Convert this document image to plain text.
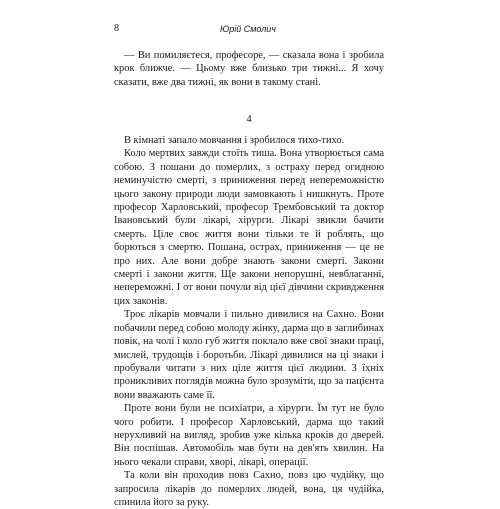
8	Юрій Смолич

— Ви помиляєтеся, професоре, — сказала вона і зробила крок ближче. — Цьому вже близько три тижні... Я хочу сказати, вже два тижні, як вони в такому стані.

4

В кімнаті запало мовчання і зробилося тихо-тихо.

Коло мертвих завжди стоїть тиша. Вона утворюється сама собою. З пошани до померлих, з остраху перед огидною неминучістю смерті, з приниження перед непереможністю цього закону природи люди замовкають і нишкнуть. Проте професор Харловський, професор Трембовський та доктор Івановський були лікарі, хірурги. Лікарі звикли бачити смерть. Ціле своє життя вони тільки те й роблять, що борються з смертю. Пошана, острах, приниження — це не про них. Але вони добре знають закони смерті. Закони смерті і закони життя. Ще закони непорушні, невблаганні, непереможні. І от вони почули від цієї дівчини скривдження цих законів.

Троє лікарів мовчали і пильно дивилися на Сахно. Вони побачили перед собою молоду жінку, дарма що в заглибинах повік, на чолі і коло губ життя поклало вже свої знаки праці, мислей, трудощів і боротьби. Лікарі дивилися на ці знаки і пробували читати з них ціле життя цієї людини. З їхніх проникливих поглядів можна було зрозуміти, що за пацієнта вони вважають саме її.

Проте вони були не психіатри, а хірурги. Їм тут не було чого робити. І професор Харловський, дарма що такий неpухливий на вигляд, зробив уже кілька кроків до дверей. Він поспішав. Автомобіль мав бути на дев'ять хвилин. На нього чекали справи, хворі, лікарі, операції.

Та коли він проходив повз Сахно, повз цю чудійку, що запросила лікарів до померлих людей, вона, ця чудійка, спинила його за руку.
